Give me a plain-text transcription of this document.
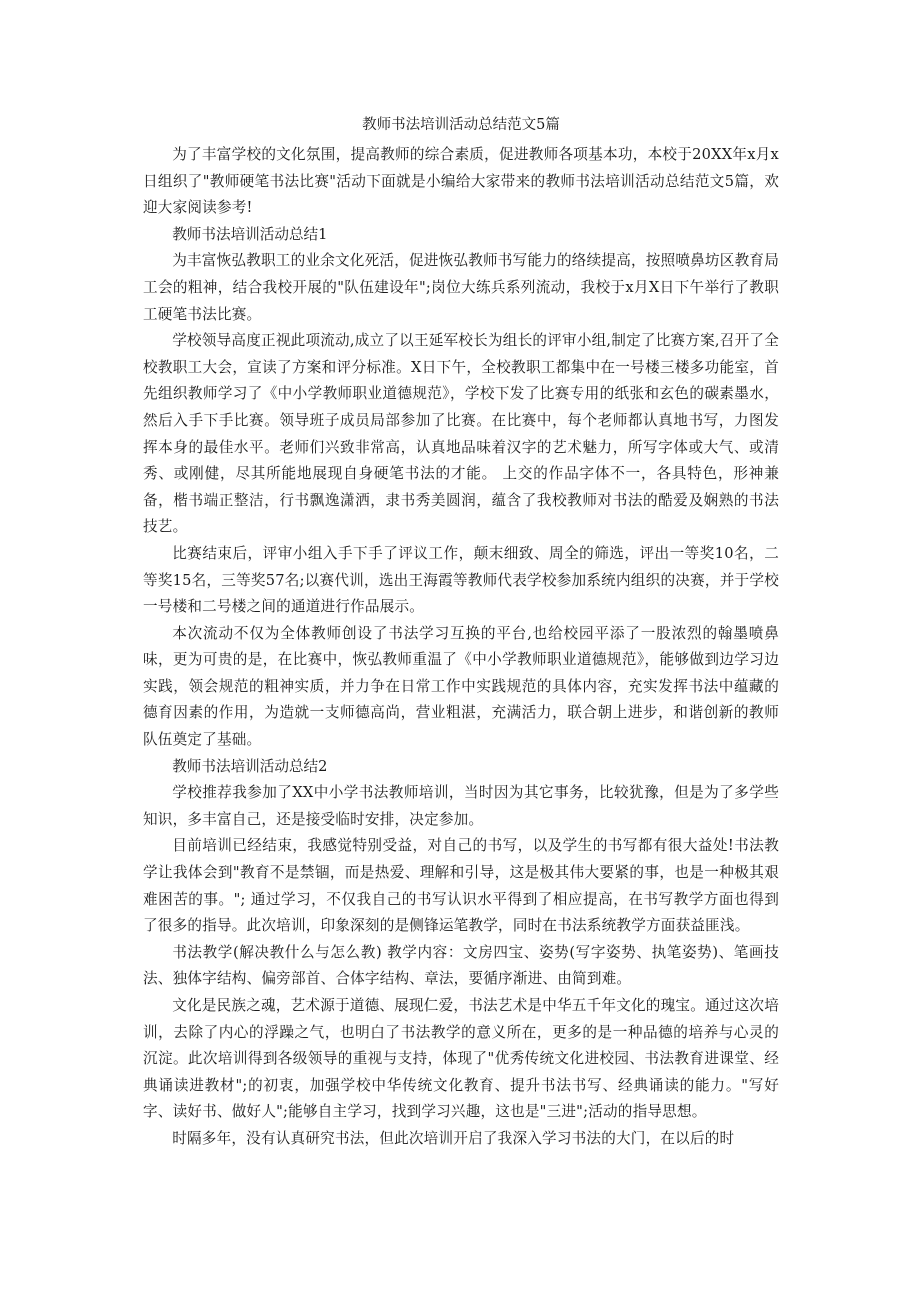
教师书法培训活动总结范文5篇

为了丰富学校的文化氛围，提高教师的综合素质，促进教师各项基本功，本校于20XX年x月x日组织了"教师硬笔书法比赛"活动下面就是小编给大家带来的教师书法培训活动总结范文5篇，欢迎大家阅读参考!

教师书法培训活动总结1

为丰富恢弘教职工的业余文化死活，促进恢弘教师书写能力的络续提高，按照喷鼻坊区教育局工会的粗神，结合我校开展的"队伍建设年";岗位大练兵系列流动，我校于x月X日下午举行了教职工硬笔书法比赛。

学校领导高度正视此项流动,成立了以王延军校长为组长的评审小组,制定了比赛方案,召开了全校教职工大会，宣读了方案和评分标准。X日下午，全校教职工都集中在一号楼三楼多功能室，首先组织教师学习了《中小学教师职业道德规范》，学校下发了比赛专用的纸张和玄色的碳素墨水，然后入手下手比赛。领导班子成员局部参加了比赛。在比赛中，每个老师都认真地书写，力图发挥本身的最佳水平。老师们兴致非常高，认真地品味着汉字的艺术魅力，所写字体或大气、或清秀、或刚健，尽其所能地展现自身硬笔书法的才能。 上交的作品字体不一，各具特色，形神兼备，楷书端正整洁，行书飘逸潇洒，隶书秀美圆润，蕴含了我校教师对书法的酷爱及娴熟的书法技艺。

比赛结束后，评审小组入手下手了评议工作，颠末细致、周全的筛选，评出一等奖10名，二等奖15名，三等奖57名;以赛代训，选出王海霞等教师代表学校参加系统内组织的决赛，并于学校一号楼和二号楼之间的通道进行作品展示。

本次流动不仅为全体教师创设了书法学习互换的平台,也给校园平添了一股浓烈的翰墨喷鼻味，更为可贵的是，在比赛中，恢弘教师重温了《中小学教师职业道德规范》，能够做到边学习边实践，领会规范的粗神实质，并力争在日常工作中实践规范的具体内容，充实发挥书法中蕴藏的德育因素的作用，为造就一支师德高尚，营业粗湛，充满活力，联合朝上进步，和谐创新的教师队伍奠定了基础。

教师书法培训活动总结2

学校推荐我参加了XX中小学书法教师培训，当时因为其它事务，比较犹豫，但是为了多学些知识，多丰富自己，还是接受临时安排，决定参加。

目前培训已经结束，我感觉特别受益，对自己的书写，以及学生的书写都有很大益处!书法教学让我体会到"教育不是禁锢，而是热爱、理解和引导，这是极其伟大要紧的事，也是一种极其艰难困苦的事。"; 通过学习，不仅我自己的书写认识水平得到了相应提高，在书写教学方面也得到了很多的指导。此次培训，印象深刻的是侧锋运笔教学，同时在书法系统教学方面获益匪浅。

书法教学(解决教什么与怎么教) 教学内容：文房四宝、姿势(写字姿势、执笔姿势)、笔画技法、独体字结构、偏旁部首、合体字结构、章法，要循序渐进、由简到难。

文化是民族之魂，艺术源于道德、展现仁爱，书法艺术是中华五千年文化的瑰宝。通过这次培训，去除了内心的浮躁之气，也明白了书法教学的意义所在，更多的是一种品德的培养与心灵的沉淀。此次培训得到各级领导的重视与支持，体现了"优秀传统文化进校园、书法教育进课堂、经典诵读进教材";的初衷，加强学校中华传统文化教育、提升书法书写、经典诵读的能力。"写好字、读好书、做好人";能够自主学习，找到学习兴趣，这也是"三进";活动的指导思想。

时隔多年，没有认真研究书法，但此次培训开启了我深入学习书法的大门，在以后的时
